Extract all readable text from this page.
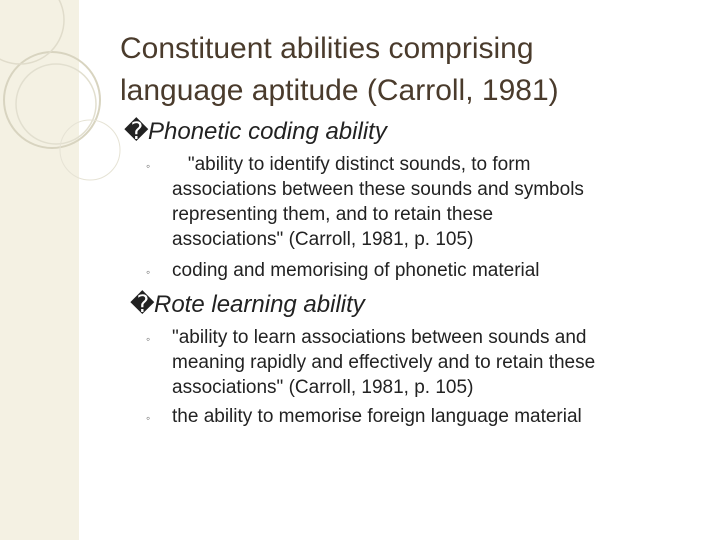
Constituent abilities comprising
language aptitude (Carroll, 1981)
�Phonetic coding ability
◦ "ability to identify distinct sounds, to form
associations between these sounds and symbols
representing them, and to retain these
associations" (Carroll, 1981, p. 105)
◦ coding and memorising of phonetic material
�Rote learning ability
◦ "ability to learn associations between sounds and
meaning rapidly and effectively and to retain these
associations" (Carroll, 1981, p. 105)
◦ the ability to memorise foreign language material
